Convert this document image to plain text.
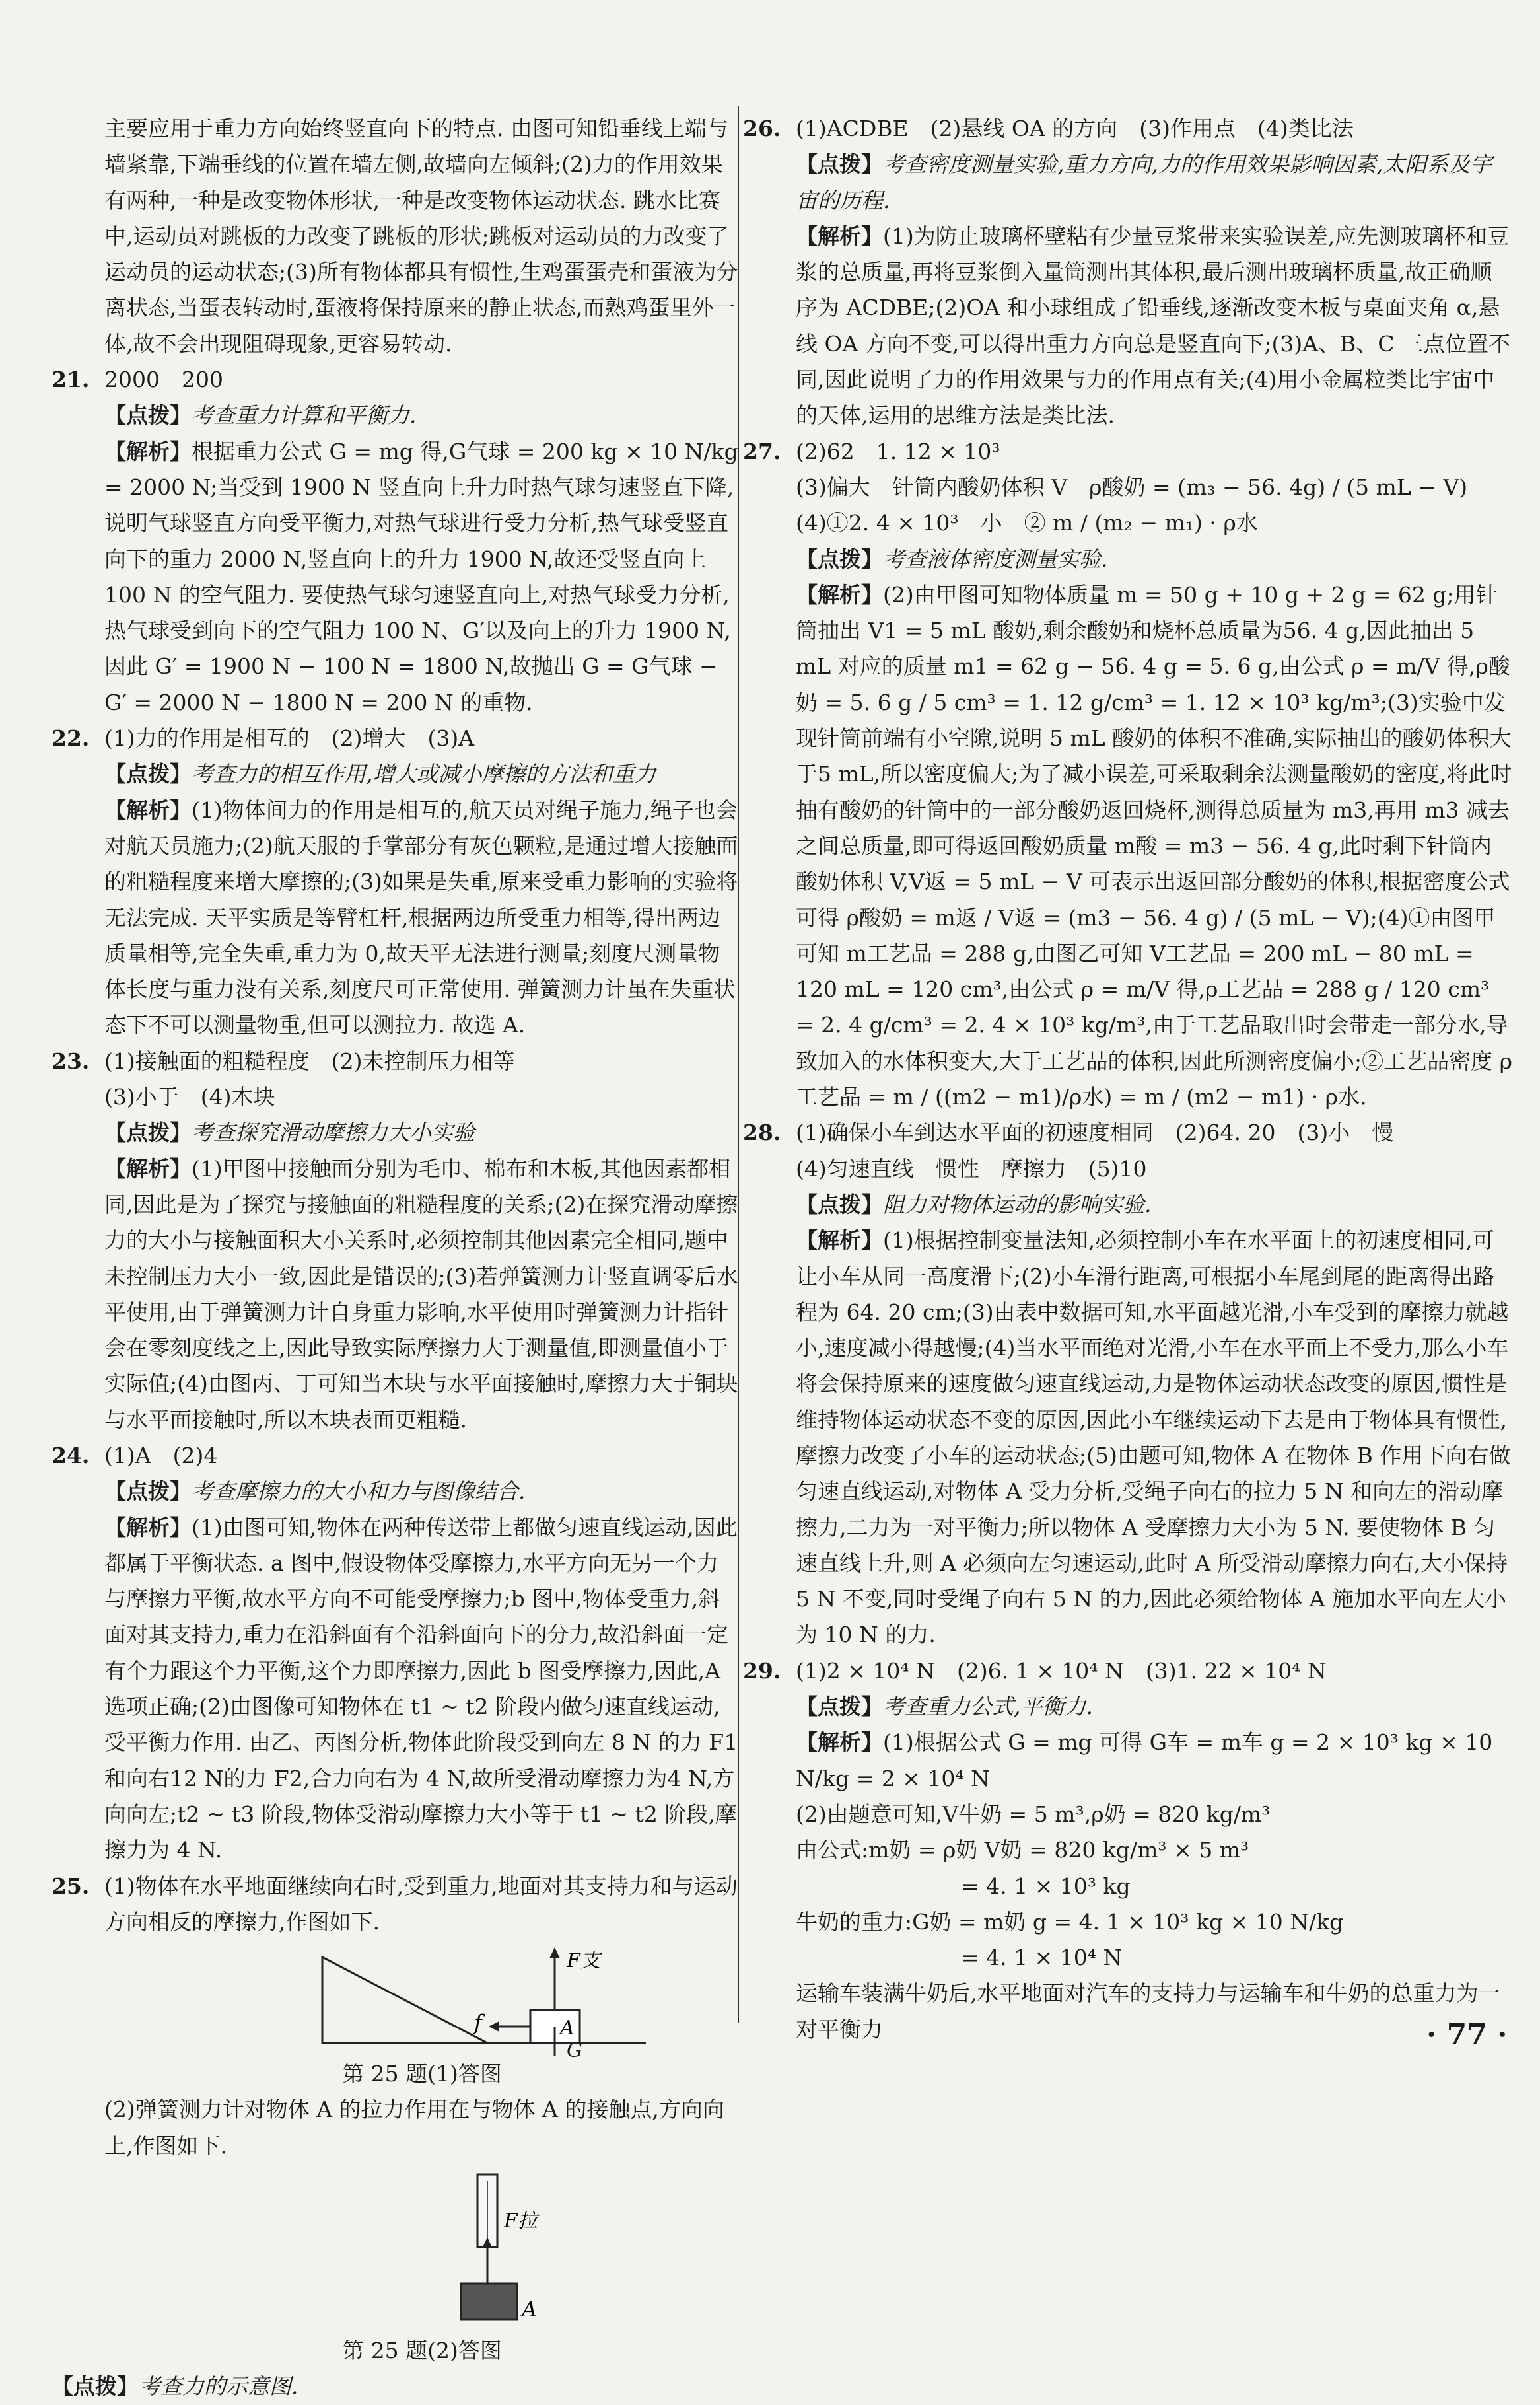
主要应用于重力方向始终竖直向下的特点. 由图可知铅垂线上端与墙紧靠,下端垂线的位置在墙左侧,故墙向左倾斜;(2)力的作用效果有两种,一种是改变物体形状,一种是改变物体运动状态. 跳水比赛中,运动员对跳板的力改变了跳板的形状;跳板对运动员的力改变了运动员的运动状态;(3)所有物体都具有惯性,生鸡蛋蛋壳和蛋液为分离状态,当蛋表转动时,蛋液将保持原来的静止状态,而熟鸡蛋里外一体,故不会出现阻碍现象,更容易转动.

21. 2000　200

【点拨】考查重力计算和平衡力.

【解析】根据重力公式 G = mg 得,G气球 = 200 kg × 10 N/kg = 2000 N;当受到 1900 N 竖直向上升力时热气球匀速竖直下降,说明气球竖直方向受平衡力,对热气球进行受力分析,热气球受竖直向下的重力 2000 N,竖直向上的升力 1900 N,故还受竖直向上 100 N 的空气阻力. 要使热气球匀速竖直向上,对热气球受力分析,热气球受到向下的空气阻力 100 N、G′以及向上的升力 1900 N,因此 G′ = 1900 N − 100 N = 1800 N,故抛出 G = G气球 − G′ = 2000 N − 1800 N = 200 N 的重物.

22. (1)力的作用是相互的　(2)增大　(3)A

【点拨】考查力的相互作用,增大或减小摩擦的方法和重力

【解析】(1)物体间力的作用是相互的,航天员对绳子施力,绳子也会对航天员施力;(2)航天服的手掌部分有灰色颗粒,是通过增大接触面的粗糙程度来增大摩擦的;(3)如果是失重,原来受重力影响的实验将无法完成. 天平实质是等臂杠杆,根据两边所受重力相等,得出两边质量相等,完全失重,重力为 0,故天平无法进行测量;刻度尺测量物体长度与重力没有关系,刻度尺可正常使用. 弹簧测力计虽在失重状态下不可以测量物重,但可以测拉力. 故选 A.

23. (1)接触面的粗糙程度　(2)未控制压力相等

(3)小于　(4)木块

【点拨】考查探究滑动摩擦力大小实验

【解析】(1)甲图中接触面分别为毛巾、棉布和木板,其他因素都相同,因此是为了探究与接触面的粗糙程度的关系;(2)在探究滑动摩擦力的大小与接触面积大小关系时,必须控制其他因素完全相同,题中未控制压力大小一致,因此是错误的;(3)若弹簧测力计竖直调零后水平使用,由于弹簧测力计自身重力影响,水平使用时弹簧测力计指针会在零刻度线之上,因此导致实际摩擦力大于测量值,即测量值小于实际值;(4)由图丙、丁可知当木块与水平面接触时,摩擦力大于铜块与水平面接触时,所以木块表面更粗糙.

24. (1)A　(2)4

【点拨】考查摩擦力的大小和力与图像结合.

【解析】(1)由图可知,物体在两种传送带上都做匀速直线运动,因此都属于平衡状态. a 图中,假设物体受摩擦力,水平方向无另一个力与摩擦力平衡,故水平方向不可能受摩擦力;b 图中,物体受重力,斜面对其支持力,重力在沿斜面有个沿斜面向下的分力,故沿斜面一定有个力跟这个力平衡,这个力即摩擦力,因此 b 图受摩擦力,因此,A 选项正确;(2)由图像可知物体在 t1 ~ t2 阶段内做匀速直线运动,受平衡力作用. 由乙、丙图分析,物体此阶段受到向左 8 N 的力 F1 和向右12 N的力 F2,合力向右为 4 N,故所受滑动摩擦力为4 N,方向向左;t2 ~ t3 阶段,物体受滑动摩擦力大小等于 t1 ~ t2 阶段,摩擦力为 4 N.

25. (1)物体在水平地面继续向右时,受到重力,地面对其支持力和与运动方向相反的摩擦力,作图如下.

F支
f	A
G

第 25 题(1)答图

(2)弹簧测力计对物体 A 的拉力作用在与物体 A 的接触点,方向向上,作图如下.

F拉
A

第 25 题(2)答图

【点拨】考查力的示意图.

26. (1)ACDBE　(2)悬线 OA 的方向　(3)作用点　(4)类比法

【点拨】考查密度测量实验,重力方向,力的作用效果影响因素,太阳系及宇宙的历程.

【解析】(1)为防止玻璃杯壁粘有少量豆浆带来实验误差,应先测玻璃杯和豆浆的总质量,再将豆浆倒入量筒测出其体积,最后测出玻璃杯质量,故正确顺序为 ACDBE;(2)OA 和小球组成了铅垂线,逐渐改变木板与桌面夹角 α,悬线 OA 方向不变,可以得出重力方向总是竖直向下;(3)A、B、C 三点位置不同,因此说明了力的作用效果与力的作用点有关;(4)用小金属粒类比宇宙中的天体,运用的思维方法是类比法.

27. (2)62　1. 12 × 10³

(3)偏大　针筒内酸奶体积 V　ρ酸奶 = (m₃ − 56. 4g) / (5 mL − V)

(4)①2. 4 × 10³　小　② m / (m₂ − m₁) · ρ水

【点拨】考查液体密度测量实验.

【解析】(2)由甲图可知物体质量 m = 50 g + 10 g + 2 g = 62 g;用针筒抽出 V1 = 5 mL 酸奶,剩余酸奶和烧杯总质量为56. 4 g,因此抽出 5 mL 对应的质量 m1 = 62 g − 56. 4 g = 5. 6 g,由公式 ρ = m/V 得,ρ酸奶 = 5. 6 g / 5 cm³ = 1. 12 g/cm³ = 1. 12 × 10³ kg/m³;(3)实验中发现针筒前端有小空隙,说明 5 mL 酸奶的体积不准确,实际抽出的酸奶体积大于5 mL,所以密度偏大;为了减小误差,可采取剩余法测量酸奶的密度,将此时抽有酸奶的针筒中的一部分酸奶返回烧杯,测得总质量为 m3,再用 m3 减去之间总质量,即可得返回酸奶质量 m酸 = m3 − 56. 4 g,此时剩下针筒内酸奶体积 V,V返 = 5 mL − V 可表示出返回部分酸奶的体积,根据密度公式可得 ρ酸奶 = m返 / V返 = (m3 − 56. 4 g) / (5 mL − V);(4)①由图甲可知 m工艺品 = 288 g,由图乙可知 V工艺品 = 200 mL − 80 mL = 120 mL = 120 cm³,由公式 ρ = m/V 得,ρ工艺品 = 288 g / 120 cm³ = 2. 4 g/cm³ = 2. 4 × 10³ kg/m³,由于工艺品取出时会带走一部分水,导致加入的水体积变大,大于工艺品的体积,因此所测密度偏小;②工艺品密度 ρ工艺品 = m / ((m2 − m1)/ρ水) = m / (m2 − m1) · ρ水.

28. (1)确保小车到达水平面的初速度相同　(2)64. 20　(3)小　慢

(4)匀速直线　惯性　摩擦力　(5)10

【点拨】阻力对物体运动的影响实验.

【解析】(1)根据控制变量法知,必须控制小车在水平面上的初速度相同,可让小车从同一高度滑下;(2)小车滑行距离,可根据小车尾到尾的距离得出路程为 64. 20 cm;(3)由表中数据可知,水平面越光滑,小车受到的摩擦力就越小,速度减小得越慢;(4)当水平面绝对光滑,小车在水平面上不受力,那么小车将会保持原来的速度做匀速直线运动,力是物体运动状态改变的原因,惯性是维持物体运动状态不变的原因,因此小车继续运动下去是由于物体具有惯性,摩擦力改变了小车的运动状态;(5)由题可知,物体 A 在物体 B 作用下向右做匀速直线运动,对物体 A 受力分析,受绳子向右的拉力 5 N 和向左的滑动摩擦力,二力为一对平衡力;所以物体 A 受摩擦力大小为 5 N. 要使物体 B 匀速直线上升,则 A 必须向左匀速运动,此时 A 所受滑动摩擦力向右,大小保持 5 N 不变,同时受绳子向右 5 N 的力,因此必须给物体 A 施加水平向左大小为 10 N 的力.

29. (1)2 × 10⁴ N　(2)6. 1 × 10⁴ N　(3)1. 22 × 10⁴ N

【点拨】考查重力公式,平衡力.

【解析】(1)根据公式 G = mg 可得 G车 = m车 g = 2 × 10³ kg × 10 N/kg = 2 × 10⁴ N

(2)由题意可知,V牛奶 = 5 m³,ρ奶 = 820 kg/m³

由公式:m奶 = ρ奶 V奶 = 820 kg/m³ × 5 m³

= 4. 1 × 10³ kg

牛奶的重力:G奶 = m奶 g = 4. 1 × 10³ kg × 10 N/kg

= 4. 1 × 10⁴ N

运输车装满牛奶后,水平地面对汽车的支持力与运输车和牛奶的总重力为一对平衡力	· 77 ·
